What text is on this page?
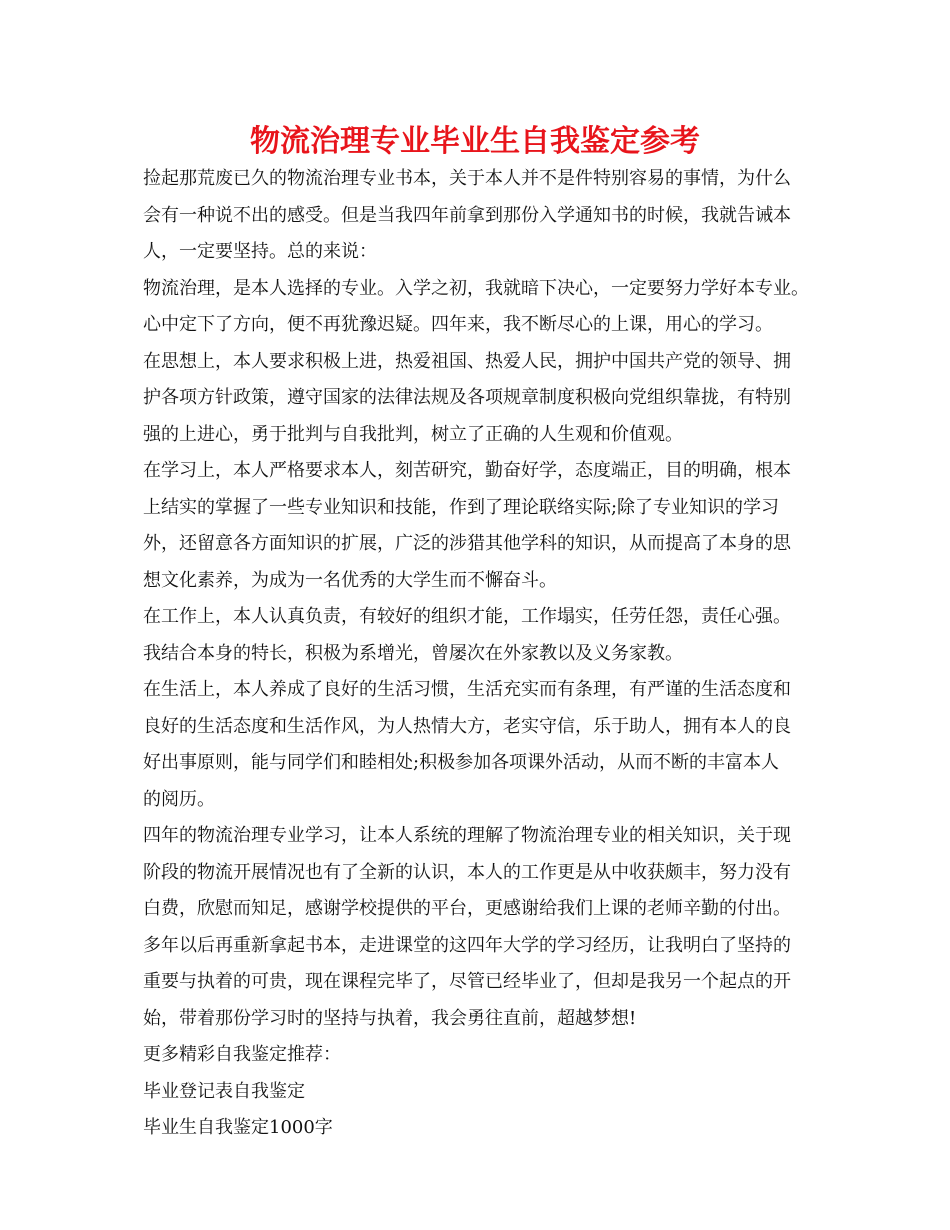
物流治理专业毕业生自我鉴定参考
捡起那荒废已久的物流治理专业书本，关于本人并不是件特别容易的事情，为什么
会有一种说不出的感受。但是当我四年前拿到那份入学通知书的时候，我就告诫本
人，一定要坚持。总的来说：
物流治理，是本人选择的专业。入学之初，我就暗下决心，一定要努力学好本专业。
心中定下了方向，便不再犹豫迟疑。四年来，我不断尽心的上课，用心的学习。
在思想上，本人要求积极上进，热爱祖国、热爱人民，拥护中国共产党的领导、拥
护各项方针政策，遵守国家的法律法规及各项规章制度积极向党组织靠拢，有特别
强的上进心，勇于批判与自我批判，树立了正确的人生观和价值观。
在学习上，本人严格要求本人，刻苦研究，勤奋好学，态度端正，目的明确，根本
上结实的掌握了一些专业知识和技能，作到了理论联络实际;除了专业知识的学习
外，还留意各方面知识的扩展，广泛的涉猎其他学科的知识，从而提高了本身的思
想文化素养，为成为一名优秀的大学生而不懈奋斗。
在工作上，本人认真负责，有较好的组织才能，工作塌实，任劳任怨，责任心强。
我结合本身的特长，积极为系增光，曾屡次在外家教以及义务家教。
在生活上，本人养成了良好的生活习惯，生活充实而有条理，有严谨的生活态度和
良好的生活态度和生活作风，为人热情大方，老实守信，乐于助人，拥有本人的良
好出事原则，能与同学们和睦相处;积极参加各项课外活动，从而不断的丰富本人
的阅历。
四年的物流治理专业学习，让本人系统的理解了物流治理专业的相关知识，关于现
阶段的物流开展情况也有了全新的认识，本人的工作更是从中收获颇丰，努力没有
白费，欣慰而知足，感谢学校提供的平台，更感谢给我们上课的老师辛勤的付出。
多年以后再重新拿起书本，走进课堂的这四年大学的学习经历，让我明白了坚持的
重要与执着的可贵，现在课程完毕了，尽管已经毕业了，但却是我另一个起点的开
始，带着那份学习时的坚持与执着，我会勇往直前，超越梦想!
更多精彩自我鉴定推荐：
毕业登记表自我鉴定
毕业生自我鉴定1000字
